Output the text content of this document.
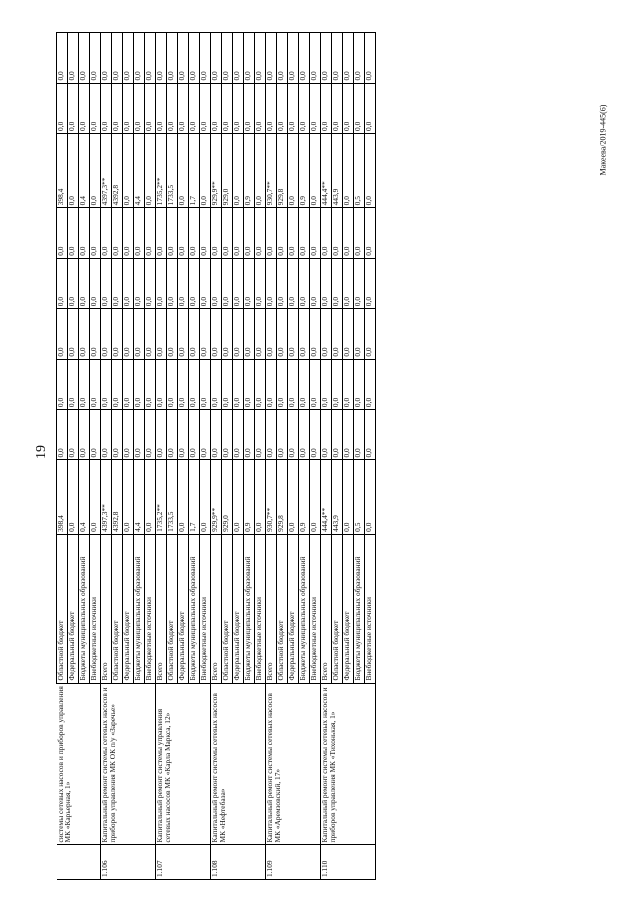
19
Макеева/2019-445(6)
	системы сетевых насосов и приборов управления МК «Карьерная, 1»	Областной бюджет	398,4	0,0	0,0	0,0	0,0	0,0	398,4	0,0	0,0
		Федеральный бюджет	0,0	0,0	0,0	0,0	0,0	0,0	0,0	0,0	0,0
		Бюджеты муниципальных образований	0,4	0,0	0,0	0,0	0,0	0,0	0,4	0,0	0,0
		Внебюджетные источники	0,0	0,0	0,0	0,0	0,0	0,0	0,0	0,0	0,0
1.106	Капитальный ремонт системы сетевых насосов и приборов управления МК ОК п/у «Заречье»	Всего	4397,3**	0,0	0,0	0,0	0,0	0,0	4397,3**	0,0	0,0
		Областной бюджет	4392,8	0,0	0,0	0,0	0,0	0,0	4392,8	0,0	0,0
		Федеральный бюджет	0,0	0,0	0,0	0,0	0,0	0,0	0,0	0,0	0,0
		Бюджеты муниципальных образований	4,4	0,0	0,0	0,0	0,0	0,0	4,4	0,0	0,0
		Внебюджетные источники	0,0	0,0	0,0	0,0	0,0	0,0	0,0	0,0	0,0
1.107	Капитальный ремонт системы управления сетевых насосов МК «Карла Маркса, 12»	Всего	1735,2**	0,0	0,0	0,0	0,0	0,0	1735,2**	0,0	0,0
		Областной бюджет	1733,5	0,0	0,0	0,0	0,0	0,0	1733,5	0,0	0,0
		Федеральный бюджет	0,0	0,0	0,0	0,0	0,0	0,0	0,0	0,0	0,0
		Бюджеты муниципальных образований	1,7	0,0	0,0	0,0	0,0	0,0	1,7	0,0	0,0
		Внебюджетные источники	0,0	0,0	0,0	0,0	0,0	0,0	0,0	0,0	0,0
1.108	Капитальный ремонт системы сетевых насосов МК «Нефтебаза»	Всего	929,9**	0,0	0,0	0,0	0,0	0,0	929,9**	0,0	0,0
		Областной бюджет	929,0	0,0	0,0	0,0	0,0	0,0	929,0	0,0	0,0
		Федеральный бюджет	0,0	0,0	0,0	0,0	0,0	0,0	0,0	0,0	0,0
		Бюджеты муниципальных образований	0,9	0,0	0,0	0,0	0,0	0,0	0,9	0,0	0,0
		Внебюджетные источники	0,0	0,0	0,0	0,0	0,0	0,0	0,0	0,0	0,0
1.109	Капитальный ремонт системы сетевых насосов МК «Аремзовский, 17»	Всего	930,7**	0,0	0,0	0,0	0,0	0,0	930,7**	0,0	0,0
		Областной бюджет	929,8	0,0	0,0	0,0	0,0	0,0	929,8	0,0	0,0
		Федеральный бюджет	0,0	0,0	0,0	0,0	0,0	0,0	0,0	0,0	0,0
		Бюджеты муниципальных образований	0,9	0,0	0,0	0,0	0,0	0,0	0,9	0,0	0,0
		Внебюджетные источники	0,0	0,0	0,0	0,0	0,0	0,0	0,0	0,0	0,0
1.110	Капитальный ремонт системы сетевых насосов и приборов управления МК «Тихонькая, 1»	Всего	444,4**	0,0	0,0	0,0	0,0	0,0	444,4**	0,0	0,0
		Областной бюджет	443,9	0,0	0,0	0,0	0,0	0,0	443,9	0,0	0,0
		Федеральный бюджет	0,0	0,0	0,0	0,0	0,0	0,0	0,0	0,0	0,0
		Бюджеты муниципальных образований	0,5	0,0	0,0	0,0	0,0	0,0	0,5	0,0	0,0
		Внебюджетные источники	0,0	0,0	0,0	0,0	0,0	0,0	0,0	0,0	0,0
